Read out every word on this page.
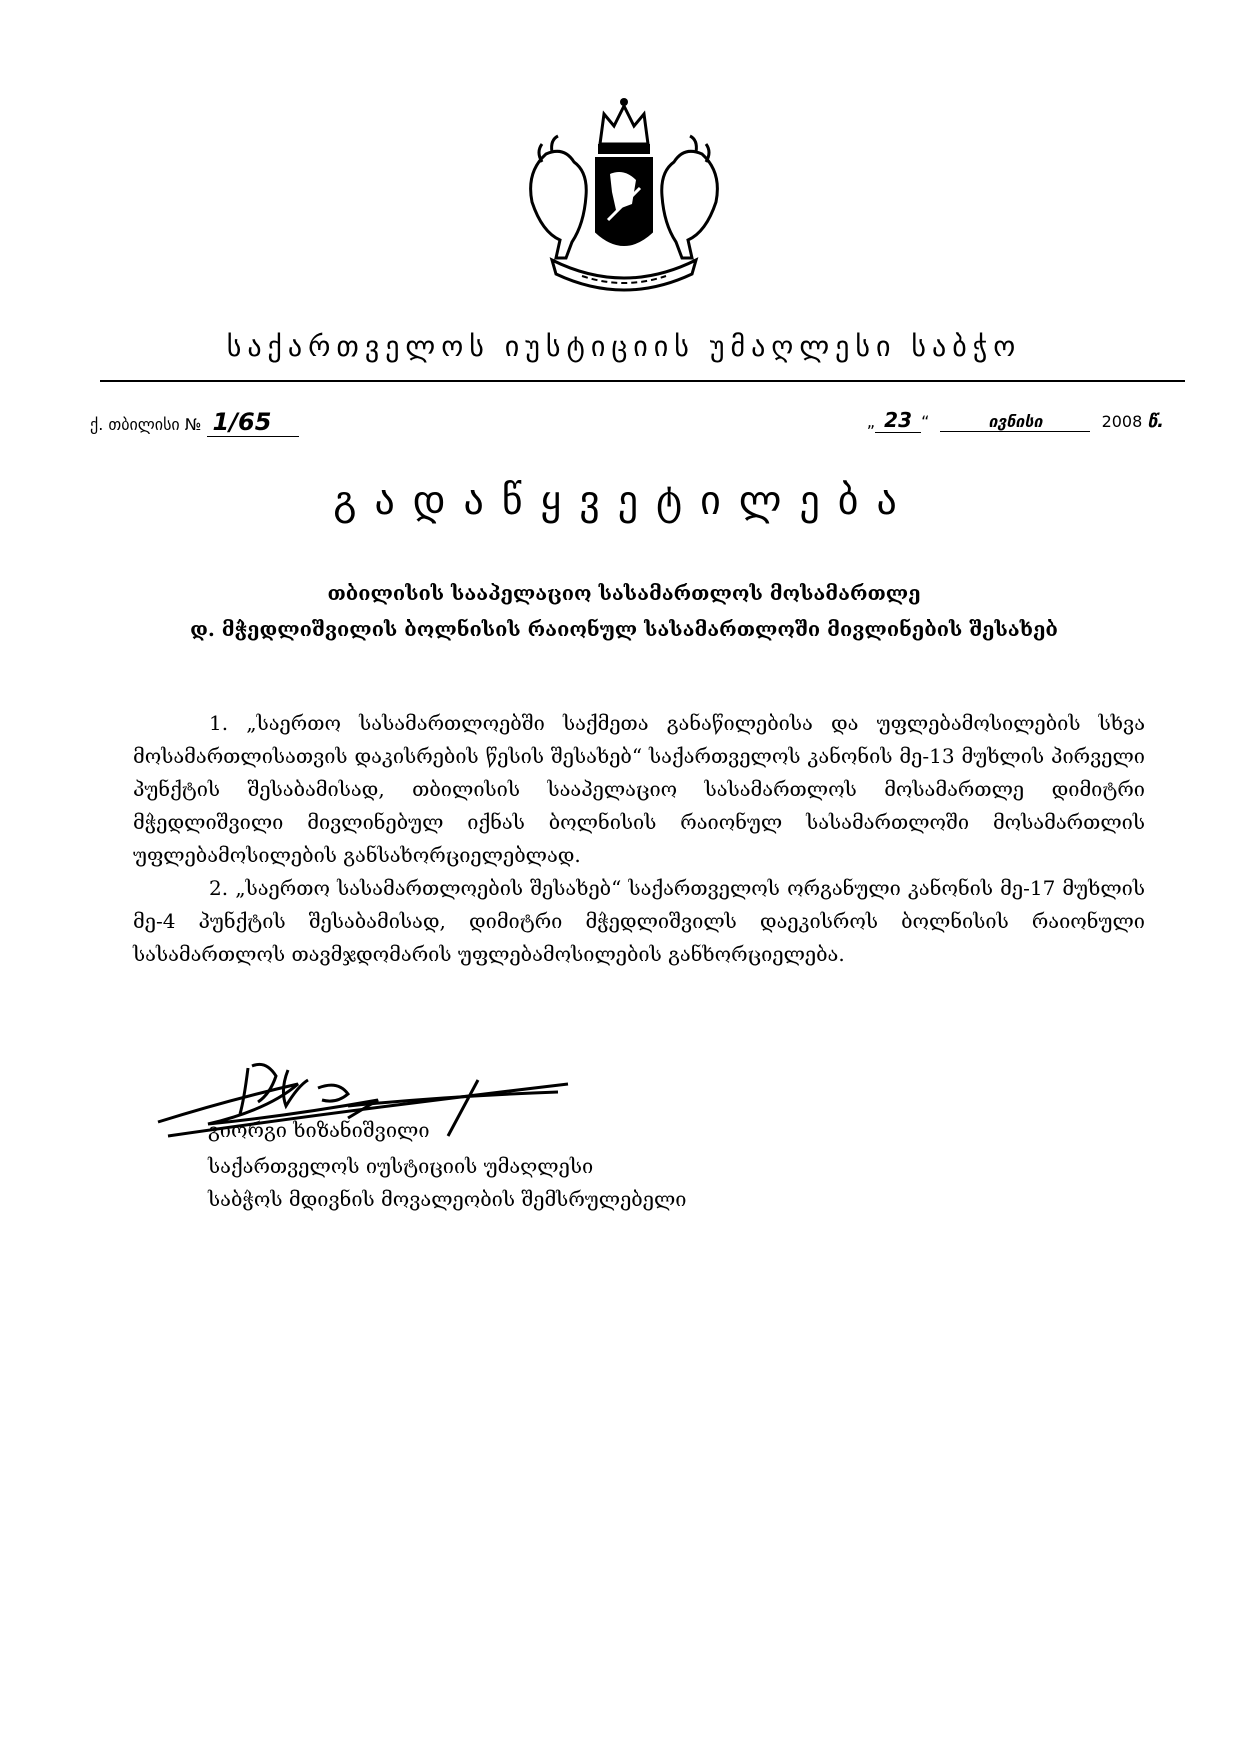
საქართველოს იუსტიციის უმაღლესი საბჭო
ქ. თბილისი № 1/65	„ 23 “	ივნისი	2008 წ.
გადაწყვეტილება
თბილისის სააპელაციო სასამართლოს მოსამართლე
დ. მჭედლიშვილის ბოლნისის რაიონულ სასამართლოში მივლინების შესახებ

1. „საერთო სასამართლოებში საქმეთა განაწილებისა და უფლებამოსილების სხვა მოსამართლისათვის დაკისრების წესის შესახებ“ საქართველოს კანონის მე-13 მუხლის პირველი პუნქტის შესაბამისად, თბილისის სააპელაციო სასამართლოს მოსამართლე დიმიტრი მჭედლიშვილი მივლინებულ იქნას ბოლნისის რაიონულ სასამართლოში მოსამართლის უფლებამოსილების განსახორციელებლად.

2. „საერთო სასამართლოების შესახებ“ საქართველოს ორგანული კანონის მე-17 მუხლის მე-4 პუნქტის შესაბამისად, დიმიტრი მჭედლიშვილს დაეკისროს ბოლნისის რაიონული სასამართლოს თავმჯდომარის უფლებამოსილების განხორციელება.

გიორგი ხიზანიშვილი
საქართველოს იუსტიციის უმაღლესი
საბჭოს მდივნის მოვალეობის შემსრულებელი
